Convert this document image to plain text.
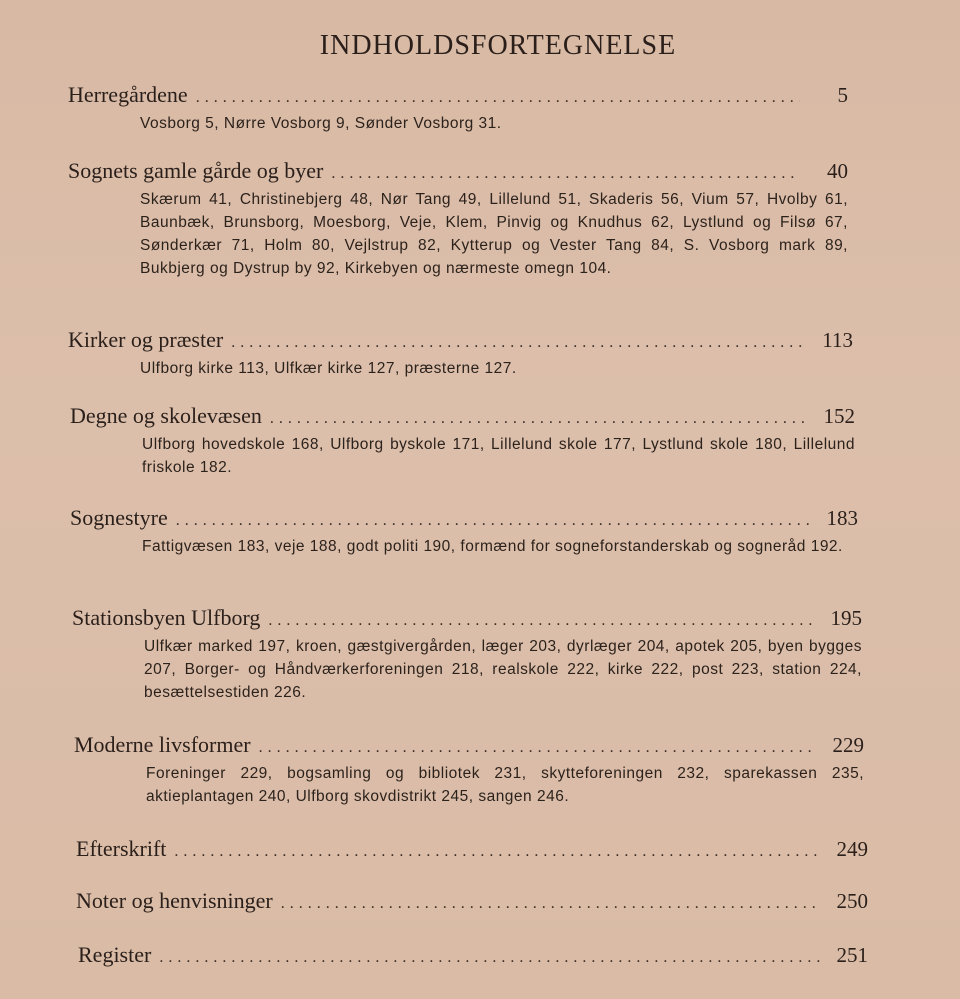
INDHOLDSFORTEGNELSE
Herregårdene .....	5
Vosborg 5, Nørre Vosborg 9, Sønder Vosborg 31.
Sognets gamle gårde og byer .....	40
Skærum 41, Christinebjerg 48, Nør Tang 49, Lillelund 51, Skaderis 56, Vium 57, Hvolby 61, Baunbæk, Brunsborg, Moesborg, Veje, Klem, Pinvig og Knudhus 62, Lystlund og Filsø 67, Sønderkær 71, Holm 80, Vejlstrup 82, Kytterup og Vester Tang 84, S. Vosborg mark 89, Bukbjerg og Dystrup by 92, Kirkebyen og nærmeste omegn 104.
Kirker og præster .....	113
Ulfborg kirke 113, Ulfkær kirke 127, præsterne 127.
Degne og skolevæsen .....	152
Ulfborg hovedskole 168, Ulfborg byskole 171, Lillelund skole 177, Lystlund skole 180, Lillelund friskole 182.
Sognestyre .....	183
Fattigvæsen 183, veje 188, godt politi 190, formænd for sogneforstanderskab og sogneråd 192.
Stationsbyen Ulfborg .....	195
Ulfkær marked 197, kroen, gæstgivergården, læger 203, dyrlæger 204, apotek 205, byen bygges 207, Borger- og Håndværkerforeningen 218, realskole 222, kirke 222, post 223, station 224, besættelsestiden 226.
Moderne livsformer .....	229
Foreninger 229, bogsamling og bibliotek 231, skytteforeningen 232, sparekassen 235, aktieplantagen 240, Ulfborg skovdistrikt 245, sangen 246.
Efterskrift .....	249
Noter og henvisninger .....	250
Register .....	251
